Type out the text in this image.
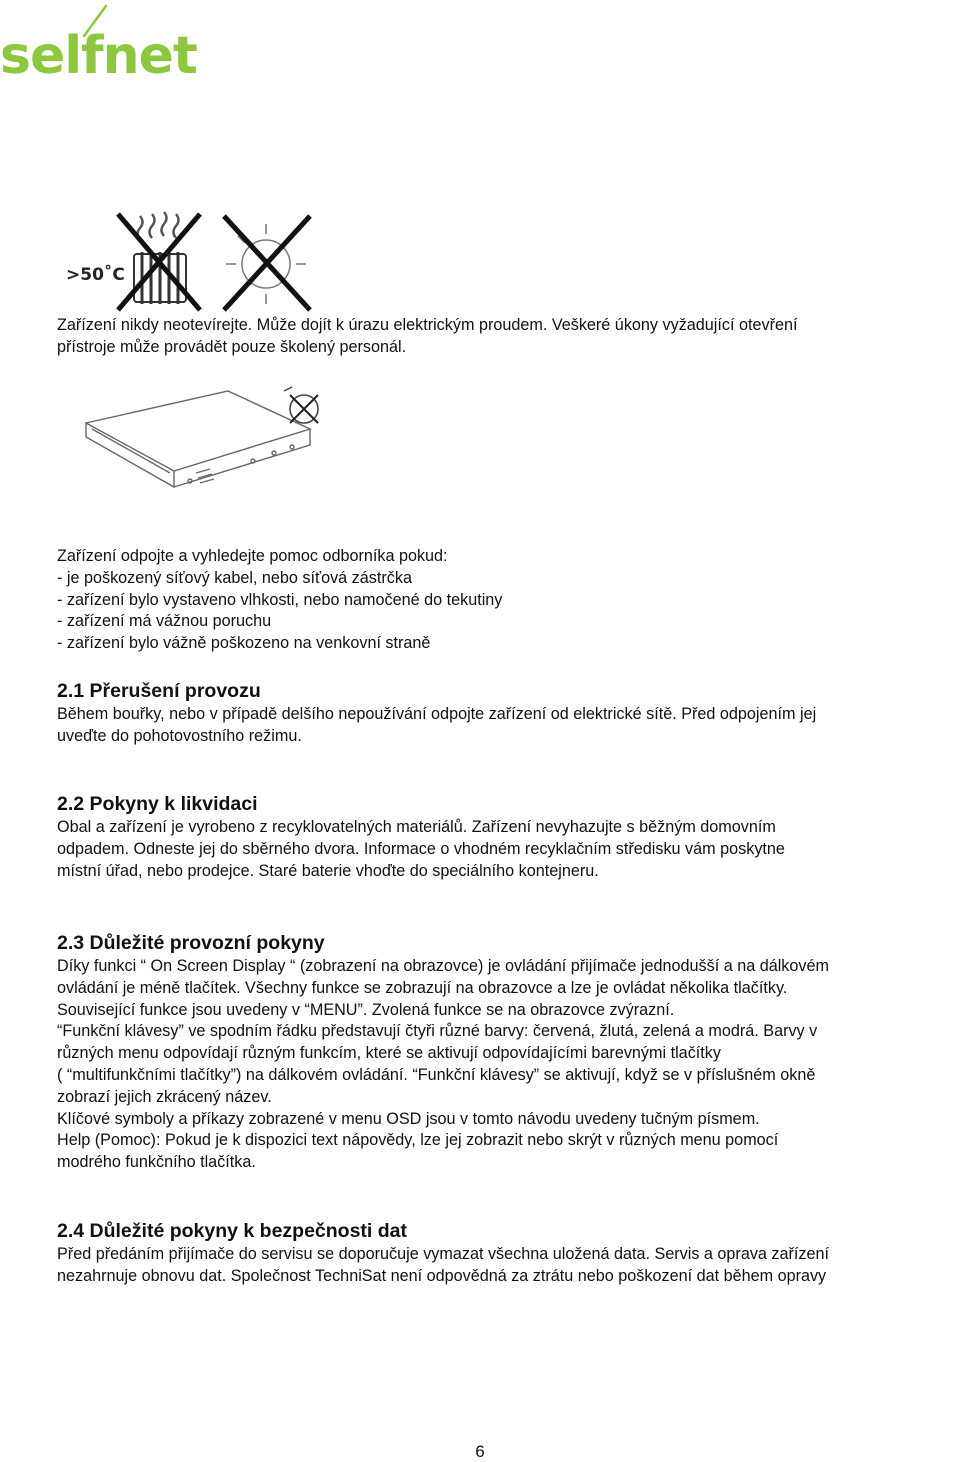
selfnet
>50˚C

Zařízení nikdy neotevírejte. Může dojít k úrazu elektrickým proudem. Veškeré úkony vyžadující otevření

přístroje může provádět pouze školený personál.

Zařízení odpojte a vyhledejte pomoc odborníka pokud:

- je poškozený síťový kabel, nebo síťová zástrčka

- zařízení bylo vystaveno vlhkosti, nebo namočené do tekutiny

- zařízení má vážnou poruchu

- zařízení bylo vážně poškozeno na venkovní straně

2.1 Přerušení provozu

Během bouřky, nebo v případě delšího nepoužívání odpojte zařízení od elektrické sítě. Před odpojením jej

uveďte do pohotovostního režimu.

2.2 Pokyny k likvidaci

Obal a zařízení je vyrobeno z recyklovatelných materiálů. Zařízení nevyhazujte s běžným domovním

odpadem. Odneste jej do sběrného dvora. Informace o vhodném recyklačním středisku vám poskytne

místní úřad, nebo prodejce. Staré baterie vhoďte do speciálního kontejneru.

2.3 Důležité provozní pokyny

Díky funkci “ On Screen Display “ (zobrazení na obrazovce) je ovládání přijímače jednodušší a na dálkovém

ovládání je méně tlačítek. Všechny funkce se zobrazují na obrazovce a lze je ovládat několika tlačítky.

Související funkce jsou uvedeny v “MENU”. Zvolená funkce se na obrazovce zvýrazní.

“Funkční klávesy” ve spodním řádku představují čtyři různé barvy: červená, žlutá, zelená a modrá. Barvy v

různých menu odpovídají různým funkcím, které se aktivují odpovídajícími barevnými tlačítky

( “multifunkčními tlačítky”) na dálkovém ovládání. “Funkční klávesy” se aktivují, když se v příslušném okně

zobrazí jejich zkrácený název.

Klíčové symboly a příkazy zobrazené v menu OSD jsou v tomto návodu uvedeny tučným písmem.

Help (Pomoc): Pokud je k dispozici text nápovědy, lze jej zobrazit nebo skrýt v různých menu pomocí

modrého funkčního tlačítka.

2.4 Důležité pokyny k bezpečnosti dat

Před předáním přijímače do servisu se doporučuje vymazat všechna uložená data. Servis a oprava zařízení

nezahrnuje obnovu dat. Společnost TechniSat není odpovědná za ztrátu nebo poškození dat během opravy

6
